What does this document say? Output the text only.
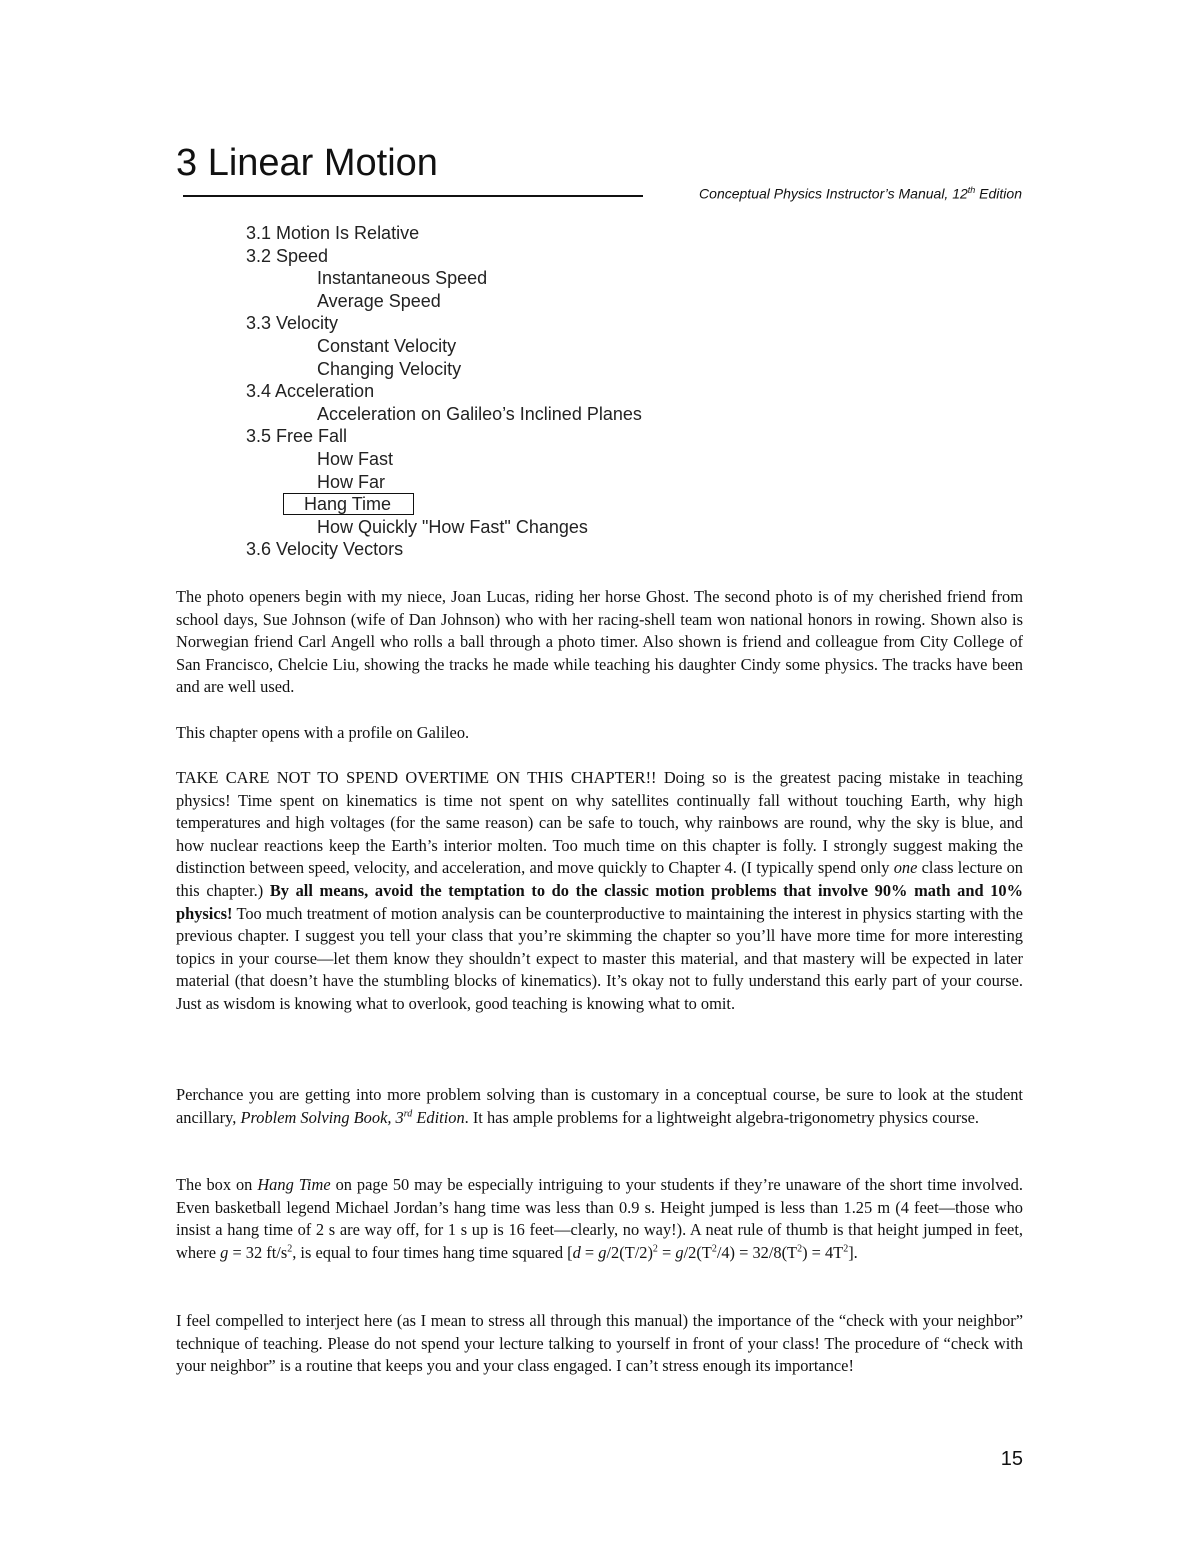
3 Linear Motion
Conceptual Physics Instructor’s Manual, 12th Edition
3.1 Motion Is Relative
3.2 Speed
Instantaneous Speed
Average Speed
3.3 Velocity
Constant Velocity
Changing Velocity
3.4 Acceleration
Acceleration on Galileo’s Inclined Planes
3.5 Free Fall
How Fast
How Far
Hang Time
How Quickly "How Fast" Changes
3.6 Velocity Vectors

The photo openers begin with my niece, Joan Lucas, riding her horse Ghost. The second photo is of my cherished friend from school days, Sue Johnson (wife of Dan Johnson) who with her racing-shell team won national honors in rowing. Shown also is Norwegian friend Carl Angell who rolls a ball through a photo timer. Also shown is friend and colleague from City College of San Francisco, Chelcie Liu, showing the tracks he made while teaching his daughter Cindy some physics. The tracks have been and are well used.

This chapter opens with a profile on Galileo.

TAKE CARE NOT TO SPEND OVERTIME ON THIS CHAPTER!! Doing so is the greatest pacing mistake in teaching physics! Time spent on kinematics is time not spent on why satellites continually fall without touching Earth, why high temperatures and high voltages (for the same reason) can be safe to touch, why rainbows are round, why the sky is blue, and how nuclear reactions keep the Earth’s interior molten. Too much time on this chapter is folly. I strongly suggest making the distinction between speed, velocity, and acceleration, and move quickly to Chapter 4. (I typically spend only one class lecture on this chapter.) By all means, avoid the temptation to do the classic motion problems that involve 90% math and 10% physics! Too much treatment of motion analysis can be counterproductive to maintaining the interest in physics starting with the previous chapter. I suggest you tell your class that you’re skimming the chapter so you’ll have more time for more interesting topics in your course—let them know they shouldn’t expect to master this material, and that mastery will be expected in later material (that doesn’t have the stumbling blocks of kinematics). It’s okay not to fully understand this early part of your course. Just as wisdom is knowing what to overlook, good teaching is knowing what to omit.

Perchance you are getting into more problem solving than is customary in a conceptual course, be sure to look at the student ancillary, Problem Solving Book, 3rd Edition. It has ample problems for a lightweight algebra-trigonometry physics course.

The box on Hang Time on page 50 may be especially intriguing to your students if they’re unaware of the short time involved. Even basketball legend Michael Jordan’s hang time was less than 0.9 s. Height jumped is less than 1.25 m (4 feet—those who insist a hang time of 2 s are way off, for 1 s up is 16 feet—clearly, no way!). A neat rule of thumb is that height jumped in feet, where g = 32 $ft/s^2$, is equal to four times hang time squared $[d = g/2(T/2)^2 = g/2(T^2/4) = 32/8(T^2) = 4T^2]$.

I feel compelled to interject here (as I mean to stress all through this manual) the importance of the “check with your neighbor” technique of teaching. Please do not spend your lecture talking to yourself in front of your class! The procedure of “check with your neighbor” is a routine that keeps you and your class engaged. I can’t stress enough its importance!

15
